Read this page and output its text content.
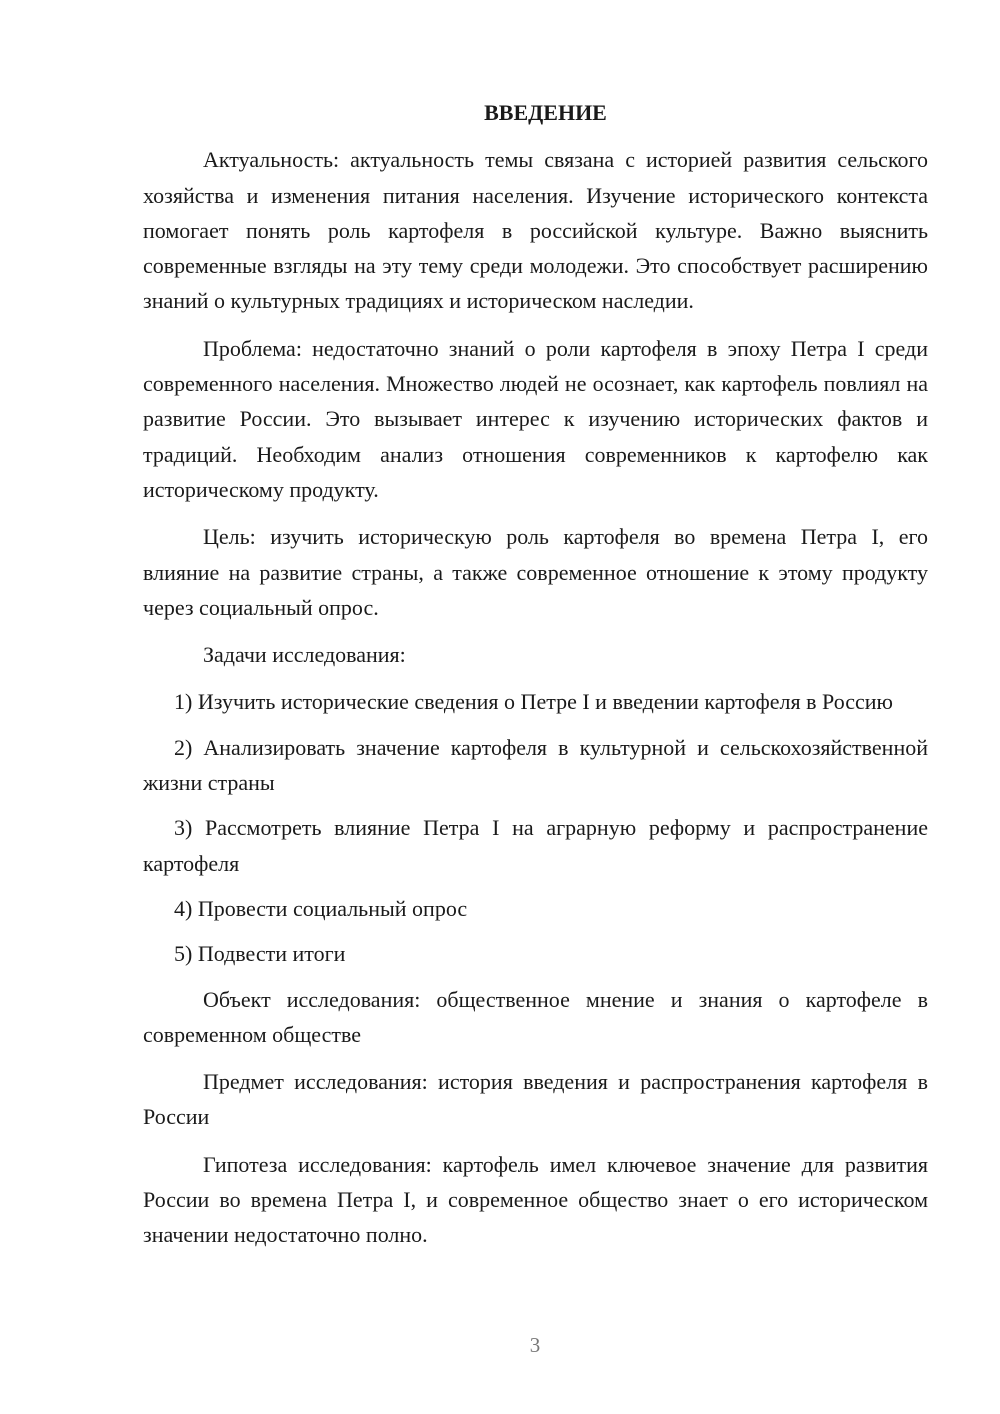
ВВЕДЕНИЕ

Актуальность: актуальность темы связана с историей развития сельского хозяйства и изменения питания населения. Изучение исторического контекста помогает понять роль картофеля в российской культуре. Важно выяснить современные взгляды на эту тему среди молодежи. Это способствует расширению знаний о культурных традициях и историческом наследии.

Проблема: недостаточно знаний о роли картофеля в эпоху Петра I среди современного населения. Множество людей не осознает, как картофель повлиял на развитие России. Это вызывает интерес к изучению исторических фактов и традиций. Необходим анализ отношения современников к картофелю как историческому продукту.

Цель: изучить историческую роль картофеля во времена Петра I, его влияние на развитие страны, а также современное отношение к этому продукту через социальный опрос.

Задачи исследования:

1) Изучить исторические сведения о Петре I и введении картофеля в Россию

2) Анализировать значение картофеля в культурной и сельскохозяйственной жизни страны

3) Рассмотреть влияние Петра I на аграрную реформу и распространение картофеля

4) Провести социальный опрос

5) Подвести итоги

Объект исследования: общественное мнение и знания о картофеле в современном обществе

Предмет исследования: история введения и распространения картофеля в России

Гипотеза исследования: картофель имел ключевое значение для развития России во времена Петра I, и современное общество знает о его историческом значении недостаточно полно.

3
